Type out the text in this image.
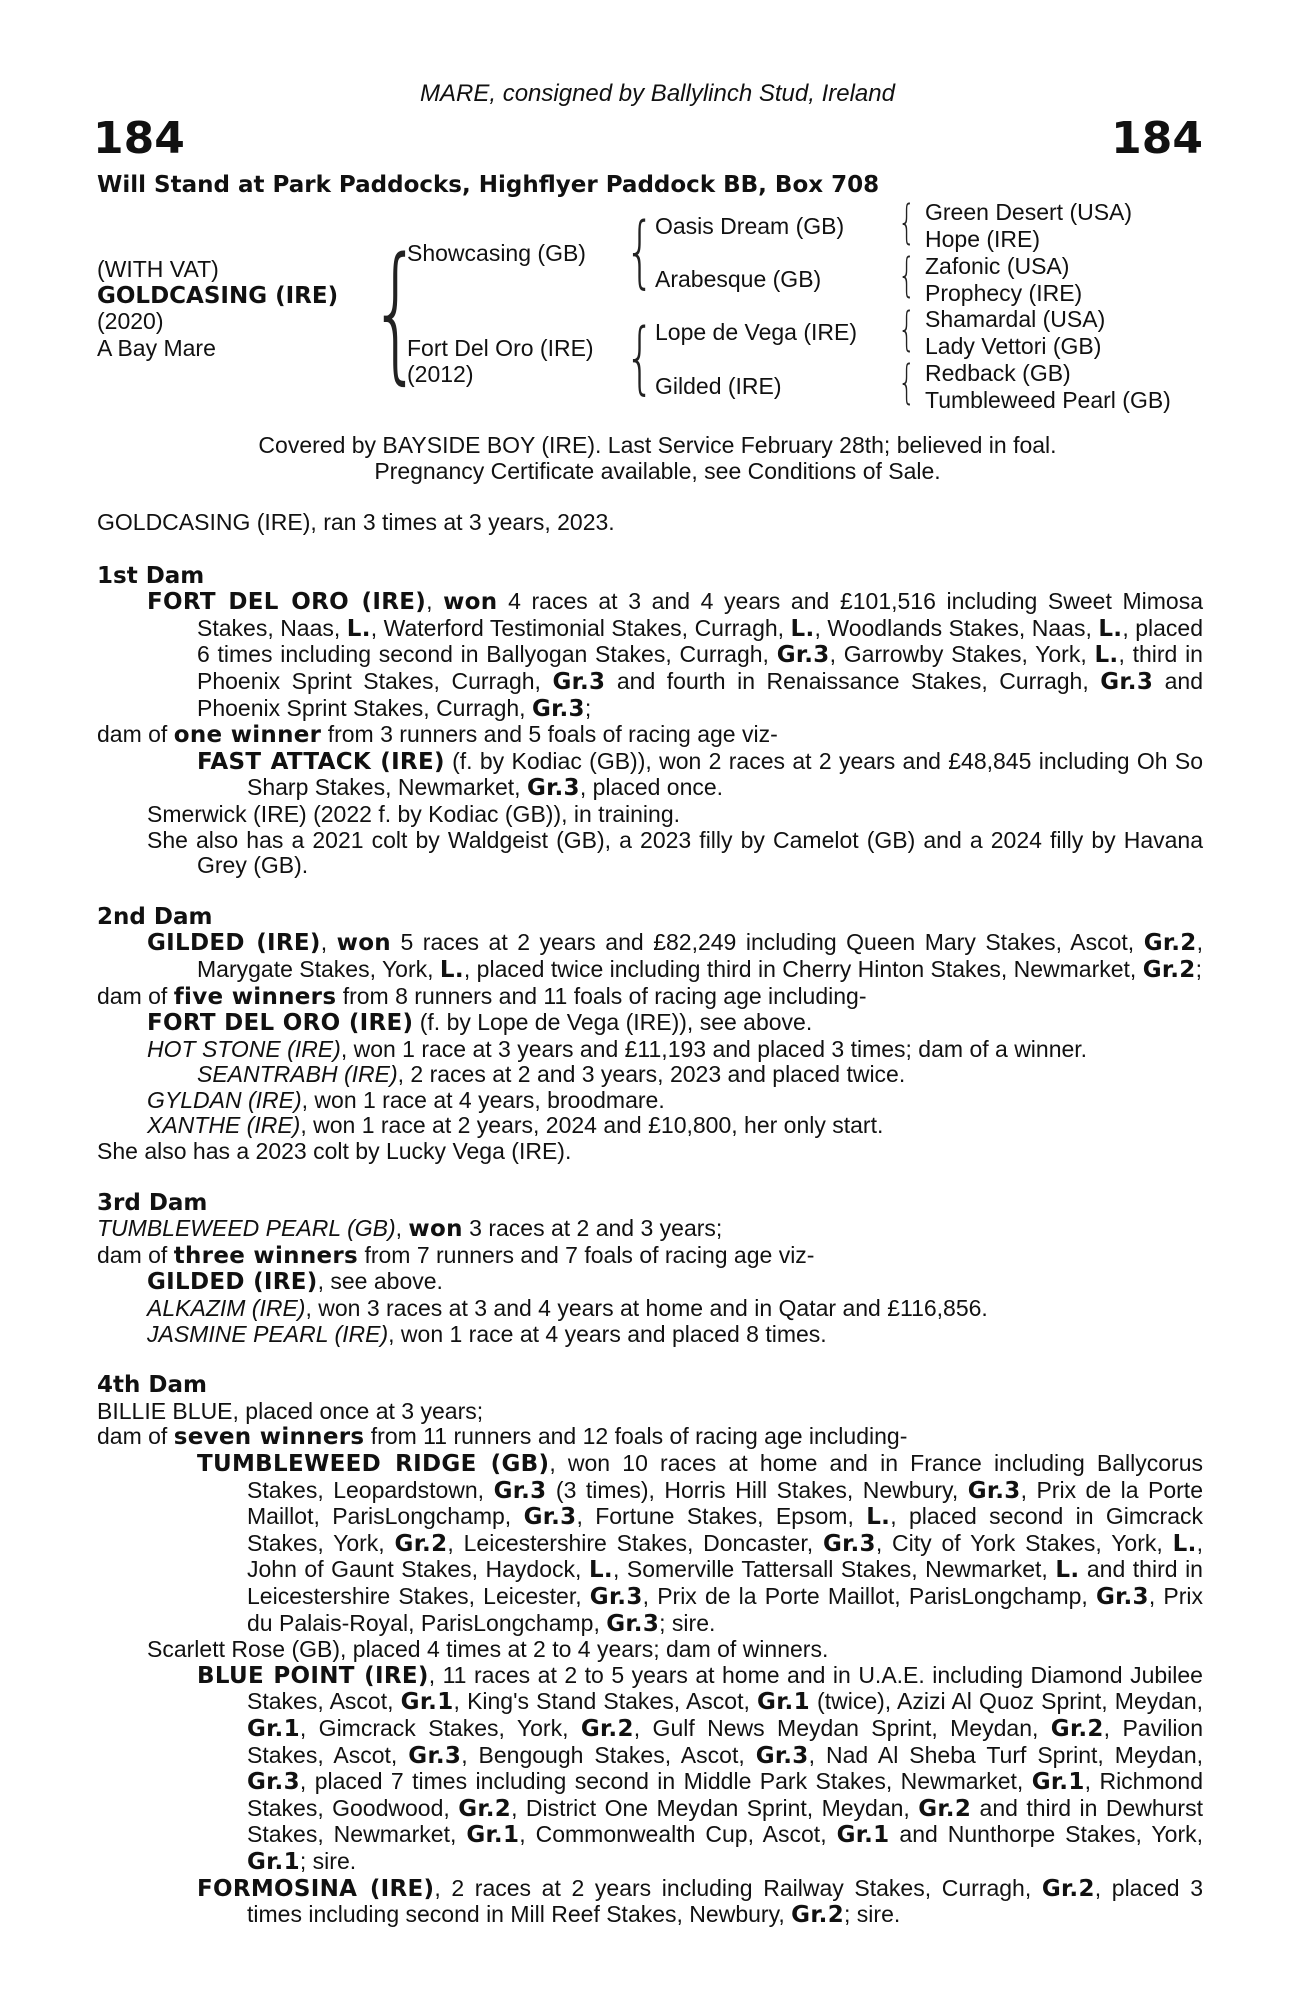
MARE, consigned by Ballylinch Stud, Ireland
184	184
Will Stand at Park Paddocks, Highflyer Paddock BB, Box 708
(WITH VAT)
GOLDCASING (IRE)
(2020)
A Bay Mare {
Showcasing (GB)
Fort Del Oro (IRE)
(2012)
{
{
Oasis Dream (GB)
Arabesque (GB)
Lope de Vega (IRE)
Gilded (IRE)
{
{
{
{
Green Desert (USA)
Hope (IRE)
Zafonic (USA)
Prophecy (IRE)
Shamardal (USA)
Lady Vettori (GB)
Redback (GB)
Tumbleweed Pearl (GB)
Covered by BAYSIDE BOY (IRE). Last Service February 28th; believed in foal.
Pregnancy Certificate available, see Conditions of Sale.

GOLDCASING (IRE), ran 3 times at 3 years, 2023.

1st Dam

FORT DEL ORO (IRE), won 4 races at 3 and 4 years and £101,516 including Sweet Mimosa Stakes, Naas, L., Waterford Testimonial Stakes, Curragh, L., Woodlands Stakes, Naas, L., placed 6 times including second in Ballyogan Stakes, Curragh, Gr.3, Garrowby Stakes, York, L., third in Phoenix Sprint Stakes, Curragh, Gr.3 and fourth in Renaissance Stakes, Curragh, Gr.3 and Phoenix Sprint Stakes, Curragh, Gr.3;

dam of one winner from 3 runners and 5 foals of racing age viz-

FAST ATTACK (IRE) (f. by Kodiac (GB)), won 2 races at 2 years and £48,845 including Oh So Sharp Stakes, Newmarket, Gr.3, placed once.

Smerwick (IRE) (2022 f. by Kodiac (GB)), in training.

She also has a 2021 colt by Waldgeist (GB), a 2023 filly by Camelot (GB) and a 2024 filly by Havana Grey (GB).

2nd Dam

GILDED (IRE), won 5 races at 2 years and £82,249 including Queen Mary Stakes, Ascot, Gr.2, Marygate Stakes, York, L., placed twice including third in Cherry Hinton Stakes, Newmarket, Gr.2;

dam of five winners from 8 runners and 11 foals of racing age including-

FORT DEL ORO (IRE) (f. by Lope de Vega (IRE)), see above.

HOT STONE (IRE), won 1 race at 3 years and £11,193 and placed 3 times; dam of a winner.

SEANTRABH (IRE), 2 races at 2 and 3 years, 2023 and placed twice.

GYLDAN (IRE), won 1 race at 4 years, broodmare.

XANTHE (IRE), won 1 race at 2 years, 2024 and £10,800, her only start.

She also has a 2023 colt by Lucky Vega (IRE).

3rd Dam

TUMBLEWEED PEARL (GB), won 3 races at 2 and 3 years;

dam of three winners from 7 runners and 7 foals of racing age viz-

GILDED (IRE), see above.

ALKAZIM (IRE), won 3 races at 3 and 4 years at home and in Qatar and £116,856.

JASMINE PEARL (IRE), won 1 race at 4 years and placed 8 times.

4th Dam

BILLIE BLUE, placed once at 3 years;

dam of seven winners from 11 runners and 12 foals of racing age including-

TUMBLEWEED RIDGE (GB), won 10 races at home and in France including Ballycorus Stakes, Leopardstown, Gr.3 (3 times), Horris Hill Stakes, Newbury, Gr.3, Prix de la Porte Maillot, ParisLongchamp, Gr.3, Fortune Stakes, Epsom, L., placed second in Gimcrack Stakes, York, Gr.2, Leicestershire Stakes, Doncaster, Gr.3, City of York Stakes, York, L., John of Gaunt Stakes, Haydock, L., Somerville Tattersall Stakes, Newmarket, L. and third in Leicestershire Stakes, Leicester, Gr.3, Prix de la Porte Maillot, ParisLongchamp, Gr.3, Prix du Palais-Royal, ParisLongchamp, Gr.3; sire.

Scarlett Rose (GB), placed 4 times at 2 to 4 years; dam of winners.

BLUE POINT (IRE), 11 races at 2 to 5 years at home and in U.A.E. including Diamond Jubilee Stakes, Ascot, Gr.1, King's Stand Stakes, Ascot, Gr.1 (twice), Azizi Al Quoz Sprint, Meydan, Gr.1, Gimcrack Stakes, York, Gr.2, Gulf News Meydan Sprint, Meydan, Gr.2, Pavilion Stakes, Ascot, Gr.3, Bengough Stakes, Ascot, Gr.3, Nad Al Sheba Turf Sprint, Meydan, Gr.3, placed 7 times including second in Middle Park Stakes, Newmarket, Gr.1, Richmond Stakes, Goodwood, Gr.2, District One Meydan Sprint, Meydan, Gr.2 and third in Dewhurst Stakes, Newmarket, Gr.1, Commonwealth Cup, Ascot, Gr.1 and Nunthorpe Stakes, York, Gr.1; sire.

FORMOSINA (IRE), 2 races at 2 years including Railway Stakes, Curragh, Gr.2, placed 3 times including second in Mill Reef Stakes, Newbury, Gr.2; sire.
